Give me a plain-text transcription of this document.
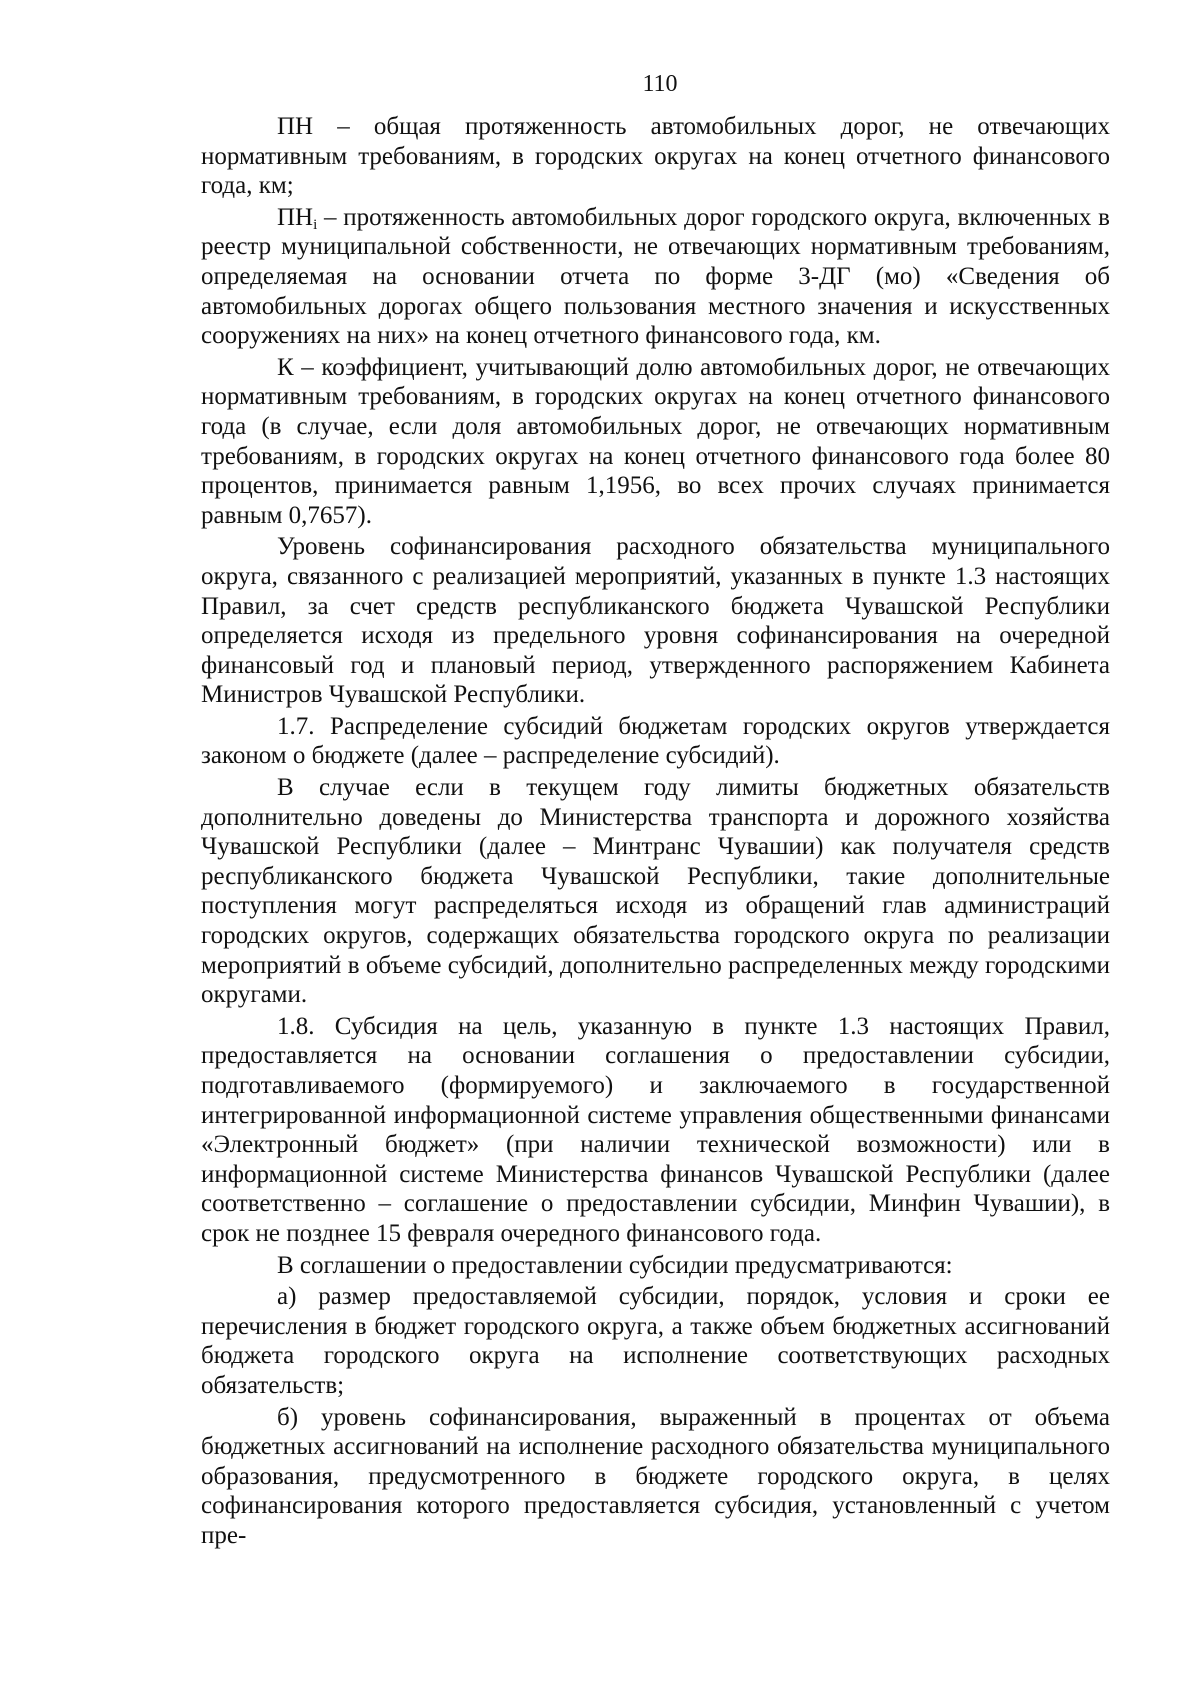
110

ПН – общая протяженность автомобильных дорог, не отвечающих нормативным требованиям, в городских округах на конец отчетного финансового года, км;

$ПН_i$ – протяженность автомобильных дорог городского округа, включенных в реестр муниципальной собственности, не отвечающих нормативным требованиям, определяемая на основании отчета по форме 3-ДГ (мо) «Сведения об автомобильных дорогах общего пользования местного значения и искусственных сооружениях на них» на конец отчетного финансового года, км.

К – коэффициент, учитывающий долю автомобильных дорог, не отвечающих нормативным требованиям, в городских округах на конец отчетного финансового года (в случае, если доля автомобильных дорог, не отвечающих нормативным требованиям, в городских округах на конец отчетного финансового года более 80 процентов, принимается равным 1,1956, во всех прочих случаях принимается равным 0,7657).

Уровень софинансирования расходного обязательства муниципального округа, связанного с реализацией мероприятий, указанных в пункте 1.3 настоящих Правил, за счет средств республиканского бюджета Чувашской Республики определяется исходя из предельного уровня софинансирования на очередной финансовый год и плановый период, утвержденного распоряжением Кабинета Министров Чувашской Республики.

1.7. Распределение субсидий бюджетам городских округов утверждается законом о бюджете (далее – распределение субсидий).

В случае если в текущем году лимиты бюджетных обязательств дополнительно доведены до Министерства транспорта и дорожного хозяйства Чувашской Республики (далее – Минтранс Чувашии) как получателя средств республиканского бюджета Чувашской Республики, такие дополнительные поступления могут распределяться исходя из обращений глав администраций городских округов, содержащих обязательства городского округа по реализации мероприятий в объеме субсидий, дополнительно распределенных между городскими округами.

1.8. Субсидия на цель, указанную в пункте 1.3 настоящих Правил, предоставляется на основании соглашения о предоставлении субсидии, подготавливаемого (формируемого) и заключаемого в государственной интегрированной информационной системе управления общественными финансами «Электронный бюджет» (при наличии технической возможности) или в информационной системе Министерства финансов Чувашской Республики (далее соответственно – соглашение о предоставлении субсидии, Минфин Чувашии), в срок не позднее 15 февраля очередного финансового года.

В соглашении о предоставлении субсидии предусматриваются:

а) размер предоставляемой субсидии, порядок, условия и сроки ее перечисления в бюджет городского округа, а также объем бюджетных ассигнований бюджета городского округа на исполнение соответствующих расходных обязательств;

б) уровень софинансирования, выраженный в процентах от объема бюджетных ассигнований на исполнение расходного обязательства муниципального образования, предусмотренного в бюджете городского округа, в целях софинансирования которого предоставляется субсидия, установленный с учетом пре-
